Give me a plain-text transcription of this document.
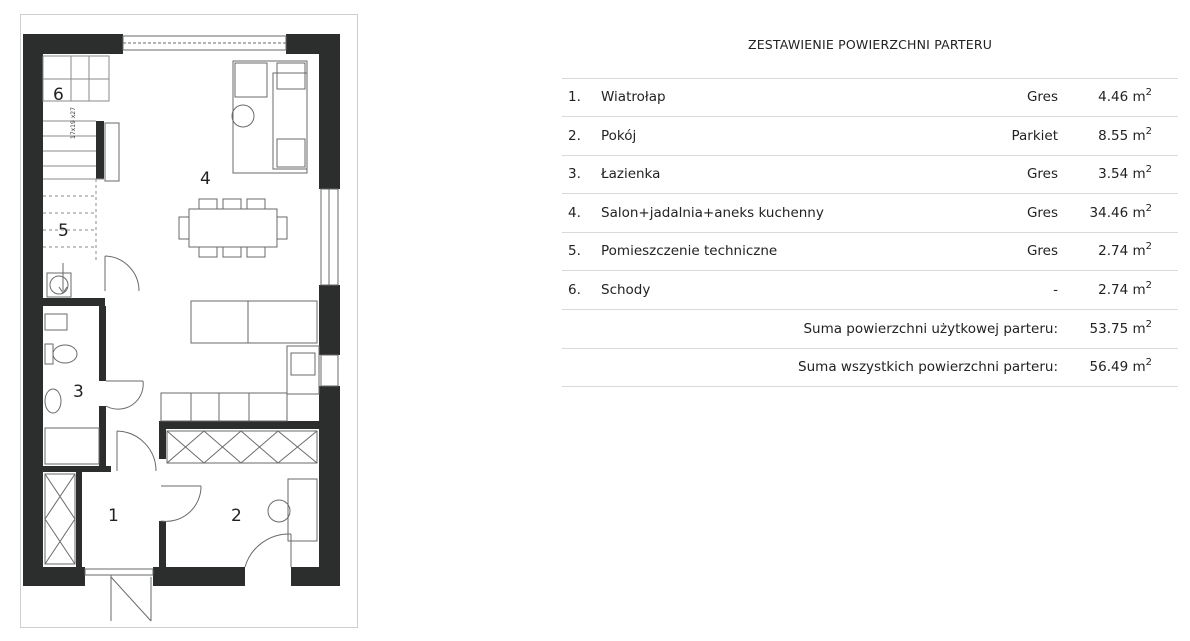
6
5
4
3
1	2
17x19 x27
ZESTAWIENIE POWIERZCHNI PARTERU
1. Wiatrołap	Gres	4.46 $m^2$
2. Pokój	Parkiet	8.55 $m^2$
3. Łazienka	Gres	3.54 $m^2$
4. Salon+jadalnia+aneks kuchenny	Gres 34.46 $m^2$
5. Pomieszczenie techniczne	Gres	2.74 $m^2$
6. Schody	-	2.74 $m^2$
Suma powierzchni użytkowej parteru: 53.75 $m^2$
Suma wszystkich powierzchni parteru: 56.49 $m^2$
